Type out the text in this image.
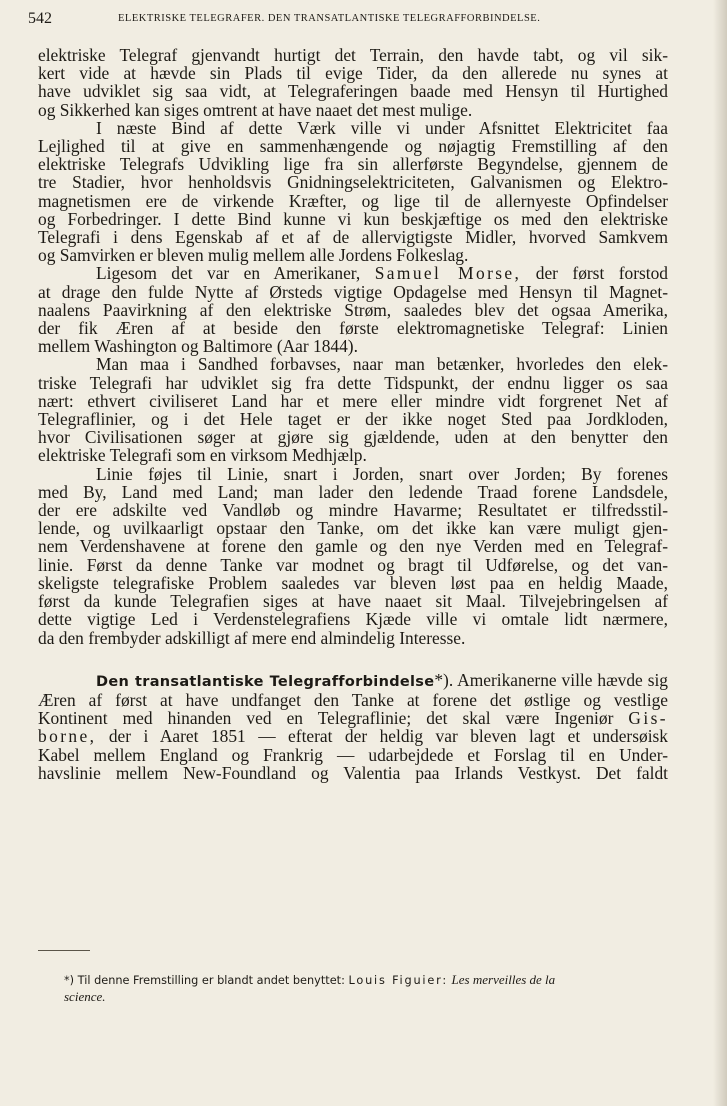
542	ELEKTRISKE TELEGRAFER. DEN TRANSATLANTISKE TELEGRAFFORBINDELSE.
elektriske Telegraf gjenvandt hurtigt det Terrain, den havde tabt, og vil sik-
kert vide at hævde sin Plads til evige Tider, da den allerede nu synes at
have udviklet sig saa vidt, at Telegraferingen baade med Hensyn til Hurtighed
og Sikkerhed kan siges omtrent at have naaet det mest mulige.
I næste Bind af dette Værk ville vi under Afsnittet Elektricitet faa
Lejlighed til at give en sammenhængende og nøjagtig Fremstilling af den
elektriske Telegrafs Udvikling lige fra sin allerførste Begyndelse, gjennem de
tre Stadier, hvor henholdsvis Gnidningselektriciteten, Galvanismen og Elektro-
magnetismen ere de virkende Kræfter, og lige til de allernyeste Opfindelser
og Forbedringer. I dette Bind kunne vi kun beskjæftige os med den elektriske
Telegrafi i dens Egenskab af et af de allervigtigste Midler, hvorved Samkvem
og Samvirken er bleven mulig mellem alle Jordens Folkeslag.
Ligesom det var en Amerikaner, Samuel Morse, der først forstod
at drage den fulde Nytte af Ørsteds vigtige Opdagelse med Hensyn til Magnet-
naalens Paavirkning af den elektriske Strøm, saaledes blev det ogsaa Amerika,
der fik Æren af at beside den første elektromagnetiske Telegraf: Linien
mellem Washington og Baltimore (Aar 1844).
Man maa i Sandhed forbavses, naar man betænker, hvorledes den elek-
triske Telegrafi har udviklet sig fra dette Tidspunkt, der endnu ligger os saa
nært: ethvert civiliseret Land har et mere eller mindre vidt forgrenet Net af
Telegraflinier, og i det Hele taget er der ikke noget Sted paa Jordkloden,
hvor Civilisationen søger at gjøre sig gjældende, uden at den benytter den
elektriske Telegrafi som en virksom Medhjælp.
Linie føjes til Linie, snart i Jorden, snart over Jorden; By forenes
med By, Land med Land; man lader den ledende Traad forene Landsdele,
der ere adskilte ved Vandløb og mindre Havarme; Resultatet er tilfredsstil-
lende, og uvilkaarligt opstaar den Tanke, om det ikke kan være muligt gjen-
nem Verdenshavene at forene den gamle og den nye Verden med en Telegraf-
linie. Først da denne Tanke var modnet og bragt til Udførelse, og det van-
skeligste telegrafiske Problem saaledes var bleven løst paa en heldig Maade,
først da kunde Telegrafien siges at have naaet sit Maal. Tilvejebringelsen af
dette vigtige Led i Verdenstelegrafiens Kjæde ville vi omtale lidt nærmere,
da den frembyder adskilligt af mere end almindelig Interesse.
Den transatlantiske Telegrafforbindelse*). Amerikanerne ville hævde sig
Æren af først at have undfanget den Tanke at forene det østlige og vestlige
Kontinent med hinanden ved en Telegraflinie; det skal være Ingeniør Gis-
borne, der i Aaret 1851 — efterat der heldig var bleven lagt et undersøisk
Kabel mellem England og Frankrig — udarbejdede et Forslag til en Under-
havslinie mellem New-Foundland og Valentia paa Irlands Vestkyst. Det faldt
*) Til denne Fremstilling er blandt andet benyttet: Louis Figuier: Les merveilles de la
science.
